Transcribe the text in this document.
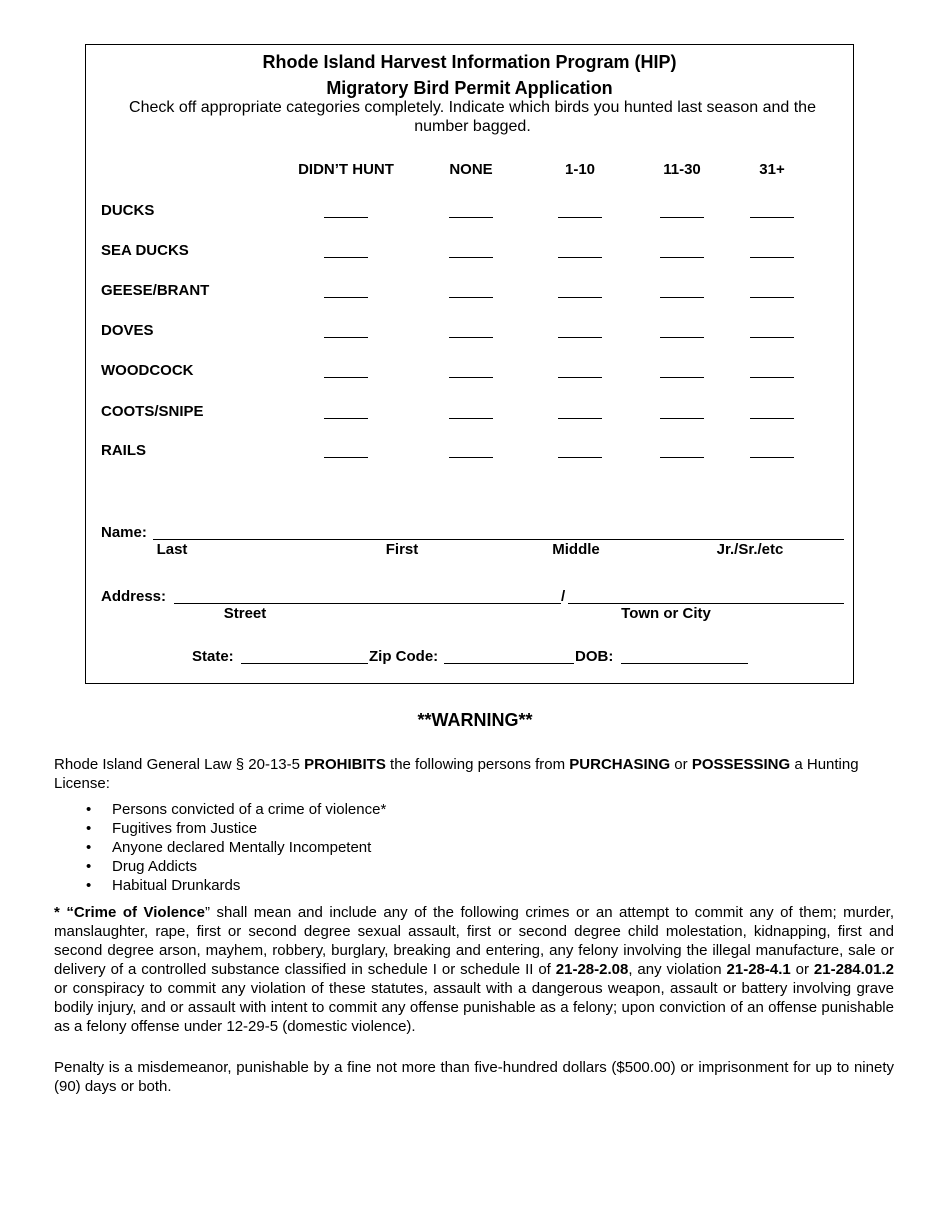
Rhode Island Harvest Information Program (HIP)
Migratory Bird Permit Application
Check off appropriate categories completely. Indicate which birds you hunted last season and the number bagged.
DIDN’T HUNT	NONE	1-10	11-30	31+
DUCKS
SEA DUCKS
GEESE/BRANT
DOVES
WOODCOCK
COOTS/SNIPE
RAILS
Name:
Last	First	Middle	Jr./Sr./etc
Address:	/
Street	Town or City
State:	Zip Code:	DOB:
**WARNING**
Rhode Island General Law § 20-13-5 PROHIBITS the following persons from PURCHASING or POSSESSING a Hunting License:
• Persons convicted of a crime of violence*
• Fugitives from Justice
• Anyone declared Mentally Incompetent
• Drug Addicts
• Habitual Drunkards
* “Crime of Violence” shall mean and include any of the following crimes or an attempt to commit any of them; murder, manslaughter, rape, first or second degree sexual assault, first or second degree child molestation, kidnapping, first and second degree arson, mayhem, robbery, burglary, breaking and entering, any felony involving the illegal manufacture, sale or delivery of a controlled substance classified in schedule I or schedule II of 21-28-2.08, any violation 21-28-4.1 or 21-284.01.2 or conspiracy to commit any violation of these statutes, assault with a dangerous weapon, assault or battery involving grave bodily injury, and or assault with intent to commit any offense punishable as a felony; upon conviction of an offense punishable as a felony offense under 12-29-5 (domestic violence).
Penalty is a misdemeanor, punishable by a fine not more than five-hundred dollars ($500.00) or imprisonment for up to ninety (90) days or both.
